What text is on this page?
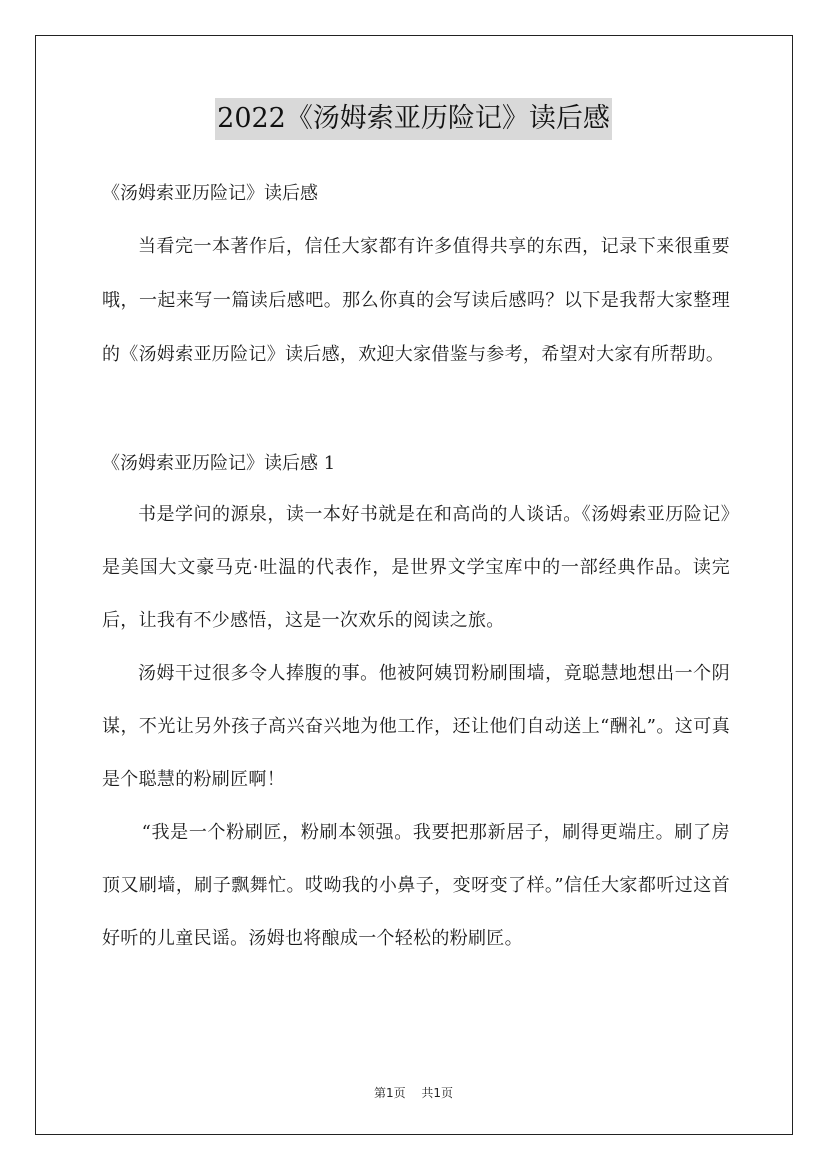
2022《汤姆索亚历险记》读后感

《汤姆索亚历险记》读后感

当看完一本著作后，信任大家都有许多值得共享的东西，记录下来很重要哦，一起来写一篇读后感吧。那么你真的会写读后感吗？以下是我帮大家整理的《汤姆索亚历险记》读后感，欢迎大家借鉴与参考，希望对大家有所帮助。

《汤姆索亚历险记》读后感 1

书是学问的源泉，读一本好书就是在和高尚的人谈话。《汤姆索亚历险记》是美国大文豪马克·吐温的代表作，是世界文学宝库中的一部经典作品。读完后，让我有不少感悟，这是一次欢乐的阅读之旅。

汤姆干过很多令人捧腹的事。他被阿姨罚粉刷围墙，竟聪慧地想出一个阴谋，不光让另外孩子高兴奋兴地为他工作，还让他们自动送上“酬礼”。这可真是个聪慧的粉刷匠啊！

“我是一个粉刷匠，粉刷本领强。我要把那新居子，刷得更端庄。刷了房顶又刷墙，刷子飘舞忙。哎呦我的小鼻子，变呀变了样。”信任大家都听过这首好听的儿童民谣。汤姆也将酿成一个轻松的粉刷匠。

第1页 共1页
